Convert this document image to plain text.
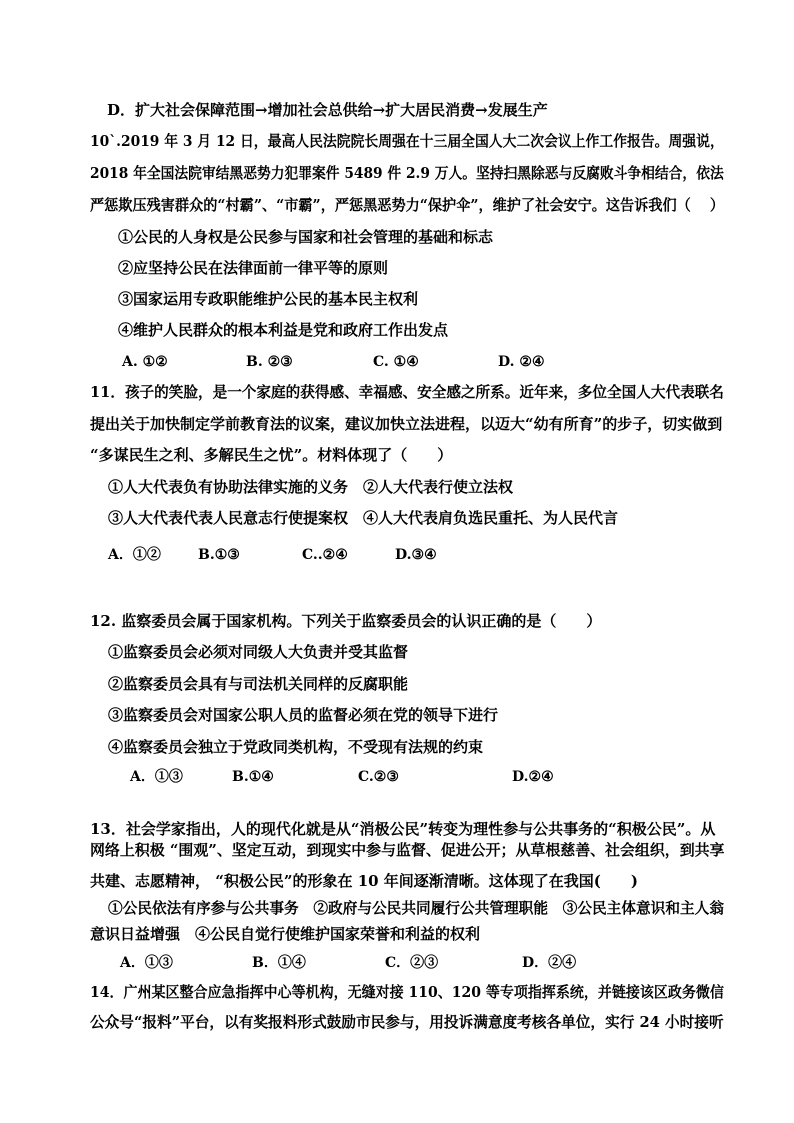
D．扩大社会保障范围→增加社会总供给→扩大居民消费→发展生产
10`.2019 年 3 月 12 日，最高人民法院院长周强在十三届全国人大二次会议上作工作报告。周强说，
2018 年全国法院审结黑恶势力犯罪案件 5489 件 2.9 万人。坚持扫黑除恶与反腐败斗争相结合，依法
严惩欺压残害群众的“村霸”、“市霸”，严惩黑恶势力“保护伞”，维护了社会安宁。这告诉我们（　 ）
①公民的人身权是公民参与国家和社会管理的基础和标志
②应坚持公民在法律面前一律平等的原则
③国家运用专政职能维护公民的基本民主权利
④维护人民群众的根本利益是党和政府工作出发点
A. ①②	B. ②③	C. ①④	D. ②④
11．孩子的笑脸，是一个家庭的获得感、幸福感、安全感之所系。近年来，多位全国人大代表联名
提出关于加快制定学前教育法的议案，建议加快立法进程，以迈大“幼有所育”的步子，切实做到
“多谋民生之利、多解民生之忧”。材料体现了（　　）
①人大代表负有协助法律实施的义务　②人大代表行使立法权
③人大代表代表人民意志行使提案权　④人大代表肩负选民重托、为人民代言
A．①②	B.①③	C..②④	D.③④
12. 监察委员会属于国家机构。下列关于监察委员会的认识正确的是（　　）
①监察委员会必须对同级人大负责并受其监督
②监察委员会具有与司法机关同样的反腐职能
③监察委员会对国家公职人员的监督必须在党的领导下进行
④监察委员会独立于党政同类机构，不受现有法规的约束
A．①③	B.①④	C.②③	D.②④
13．社会学家指出，人的现代化就是从“消极公民”转变为理性参与公共事务的“积极公民”。从
网络上积极 “围观”、坚定互动，到现实中参与监督、促进公开；从草根慈善、社会组织，到共享
共建、志愿精神， “积极公民”的形象在 10 年间逐渐清晰。这体现了在我国(　　)
①公民依法有序参与公共事务　②政府与公民共同履行公共管理职能　③公民主体意识和主人翁
意识日益增强　④公民自觉行使维护国家荣誉和利益的权利
A．①③	B．①④	C．②③	D．②④
14．广州某区整合应急指挥中心等机构，无缝对接 110、120 等专项指挥系统，并链接该区政务微信
公众号“报料”平台，以有奖报料形式鼓励市民参与，用投诉满意度考核各单位，实行 24 小时接听
